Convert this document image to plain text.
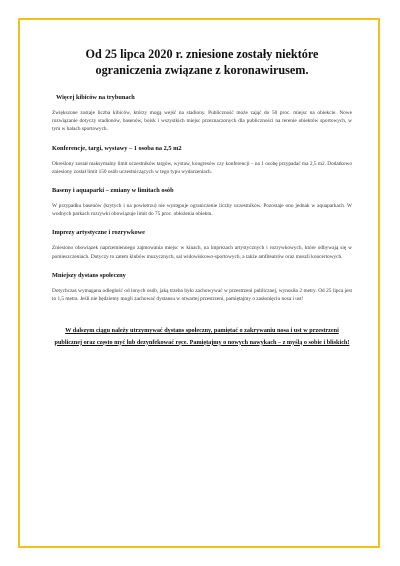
Od 25 lipca 2020 r. zniesione zostały niektóre ograniczenia związane z koronawirusem.
Więcej kibiców na trybunach

Zwiększone zostaje liczba kibiców, którzy mogą wejść na stadiony. Publiczność może zająć do 50 proc. miejsc na obiekcie. Nowe rozwiązanie dotyczy stadionów, basenów, boisk i wszystkich miejsc przeznaczonych dla publiczności na terenie obiektów sportowych, w tym w halach sportowych.

Konferencje, targi, wystawy – 1 osoba na 2,5 m2

Określony został maksymalny limit uczestników targów, wystaw, kongresów czy konferencji – na 1 osobę przypadać ma 2,5 m2. Dodatkowo zniesiony został limit 150 osób uczestniczących w tego typu wydarzeniach.

Baseny i aquaparki – zmiany w limitach osób

W przypadku basenów (krytych i na powietrzu) nie występuje ograniczenie liczby uczestników. Pozostaje ono jednak w aquaparkach. W wodnych parkach rozrywki obowiązuje limit do 75 proc. obłożenia obiektu.

Imprezy artystyczne i rozrywkowe

Zniesiono obowiązek naprzemiennego zajmowania miejsc w kinach, na imprezach artystycznych i rozrywkowych, które odbywają się w pomieszczeniach. Dotyczy to zatem klubów muzycznych, sal widowiskowo-sportowych, a także amfiteatrów oraz muszli koncertowych.

Mniejszy dystans społeczny

Dotychczas wymagana odległość od innych osób, jaką trzeba było zachowywać w przestrzeni publicznej, wynosiła 2 metry. Od 25 lipca jest to 1,5 metra. Jeśli nie będziemy mogli zachować dystansu w otwartej przestrzeni, pamiętajmy o zasłonięciu nosa i ust!

W dalszym ciągu należy utrzymywać dystans społeczny, pamiętać o zakrywaniu nosa i ust w przestrzeni publicznej oraz często myć lub dezynfekować ręce. Pamiętajmy o nowych nawykach – z myślą o sobie i bliskich!
